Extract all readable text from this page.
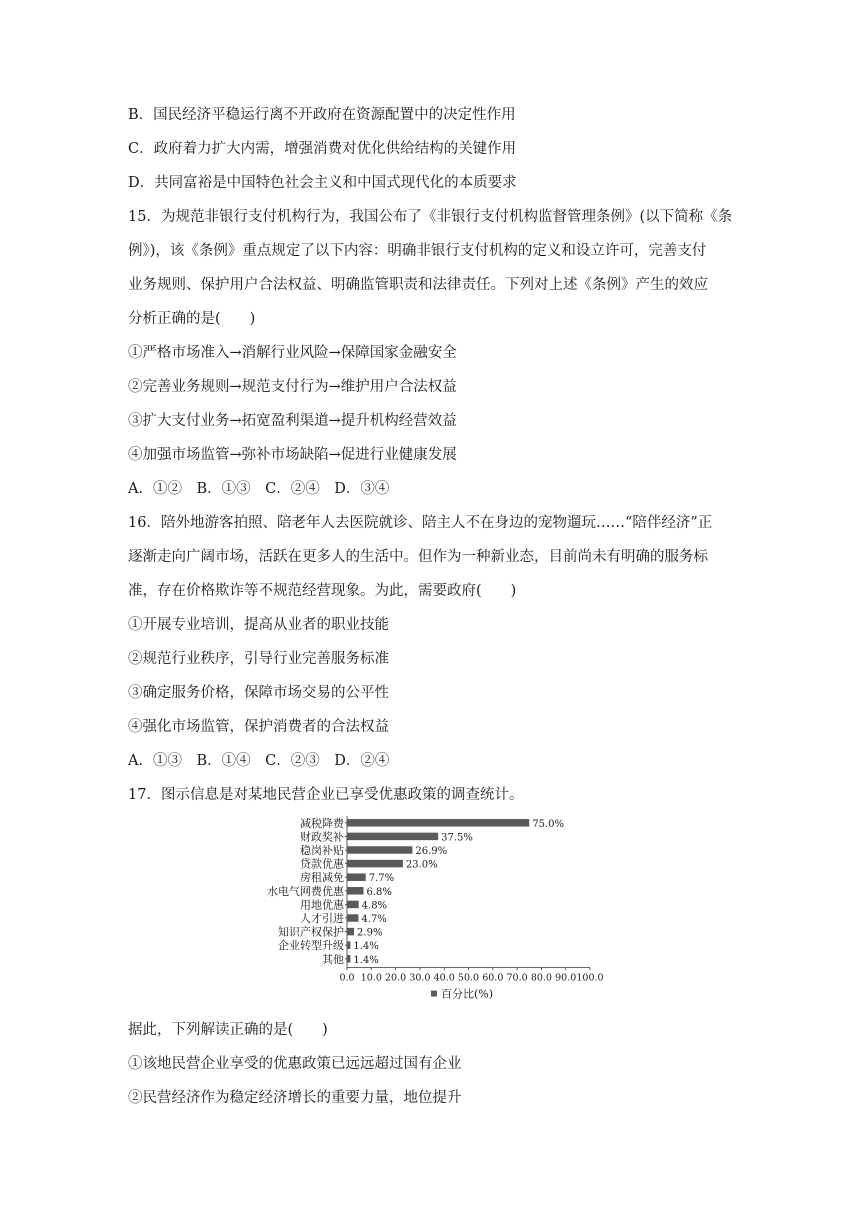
B．国民经济平稳运行离不开政府在资源配置中的决定性作用
C．政府着力扩大内需，增强消费对优化供给结构的关键作用
D．共同富裕是中国特色社会主义和中国式现代化的本质要求
15．为规范非银行支付机构行为，我国公布了《非银行支付机构监督管理条例》(以下简称《条
例》)，该《条例》重点规定了以下内容：明确非银行支付机构的定义和设立许可，完善支付
业务规则、保护用户合法权益、明确监管职责和法律责任。下列对上述《条例》产生的效应
分析正确的是(　　)
①严格市场准入→消解行业风险→保障国家金融安全
②完善业务规则→规范支付行为→维护用户合法权益
③扩大支付业务→拓宽盈利渠道→提升机构经营效益
④加强市场监管→弥补市场缺陷→促进行业健康发展
A．①②　B．①③　C．②④　D．③④
16．陪外地游客拍照、陪老年人去医院就诊、陪主人不在身边的宠物遛玩……“陪伴经济”正
逐渐走向广阔市场，活跃在更多人的生活中。但作为一种新业态，目前尚未有明确的服务标
准，存在价格欺诈等不规范经营现象。为此，需要政府(　　)
①开展专业培训，提高从业者的职业技能
②规范行业秩序，引导行业完善服务标准
③确定服务价格，保障市场交易的公平性
④强化市场监管，保护消费者的合法权益
A．①③　B．①④　C．②③　D．②④
17．图示信息是对某地民营企业已享受优惠政策的调查统计。
减税降费	75.0%
财政奖补	37.5%
稳岗补贴	26.9%
贷款优惠	23.0%
房租减免 7.7%
水电气网费优惠 6.8%
用地优惠 4.8%
人才引进 4.7%
知识产权保护 2.9%
企业转型升级 1.4%
其他 1.4%
0.0 10.0 20.0 30.0 40.0 50.0 60.0 70.0 80.0 90.0 100.0
百分比(%)
据此，下列解读正确的是(　　)
①该地民营企业享受的优惠政策已远远超过国有企业
②民营经济作为稳定经济增长的重要力量，地位提升
